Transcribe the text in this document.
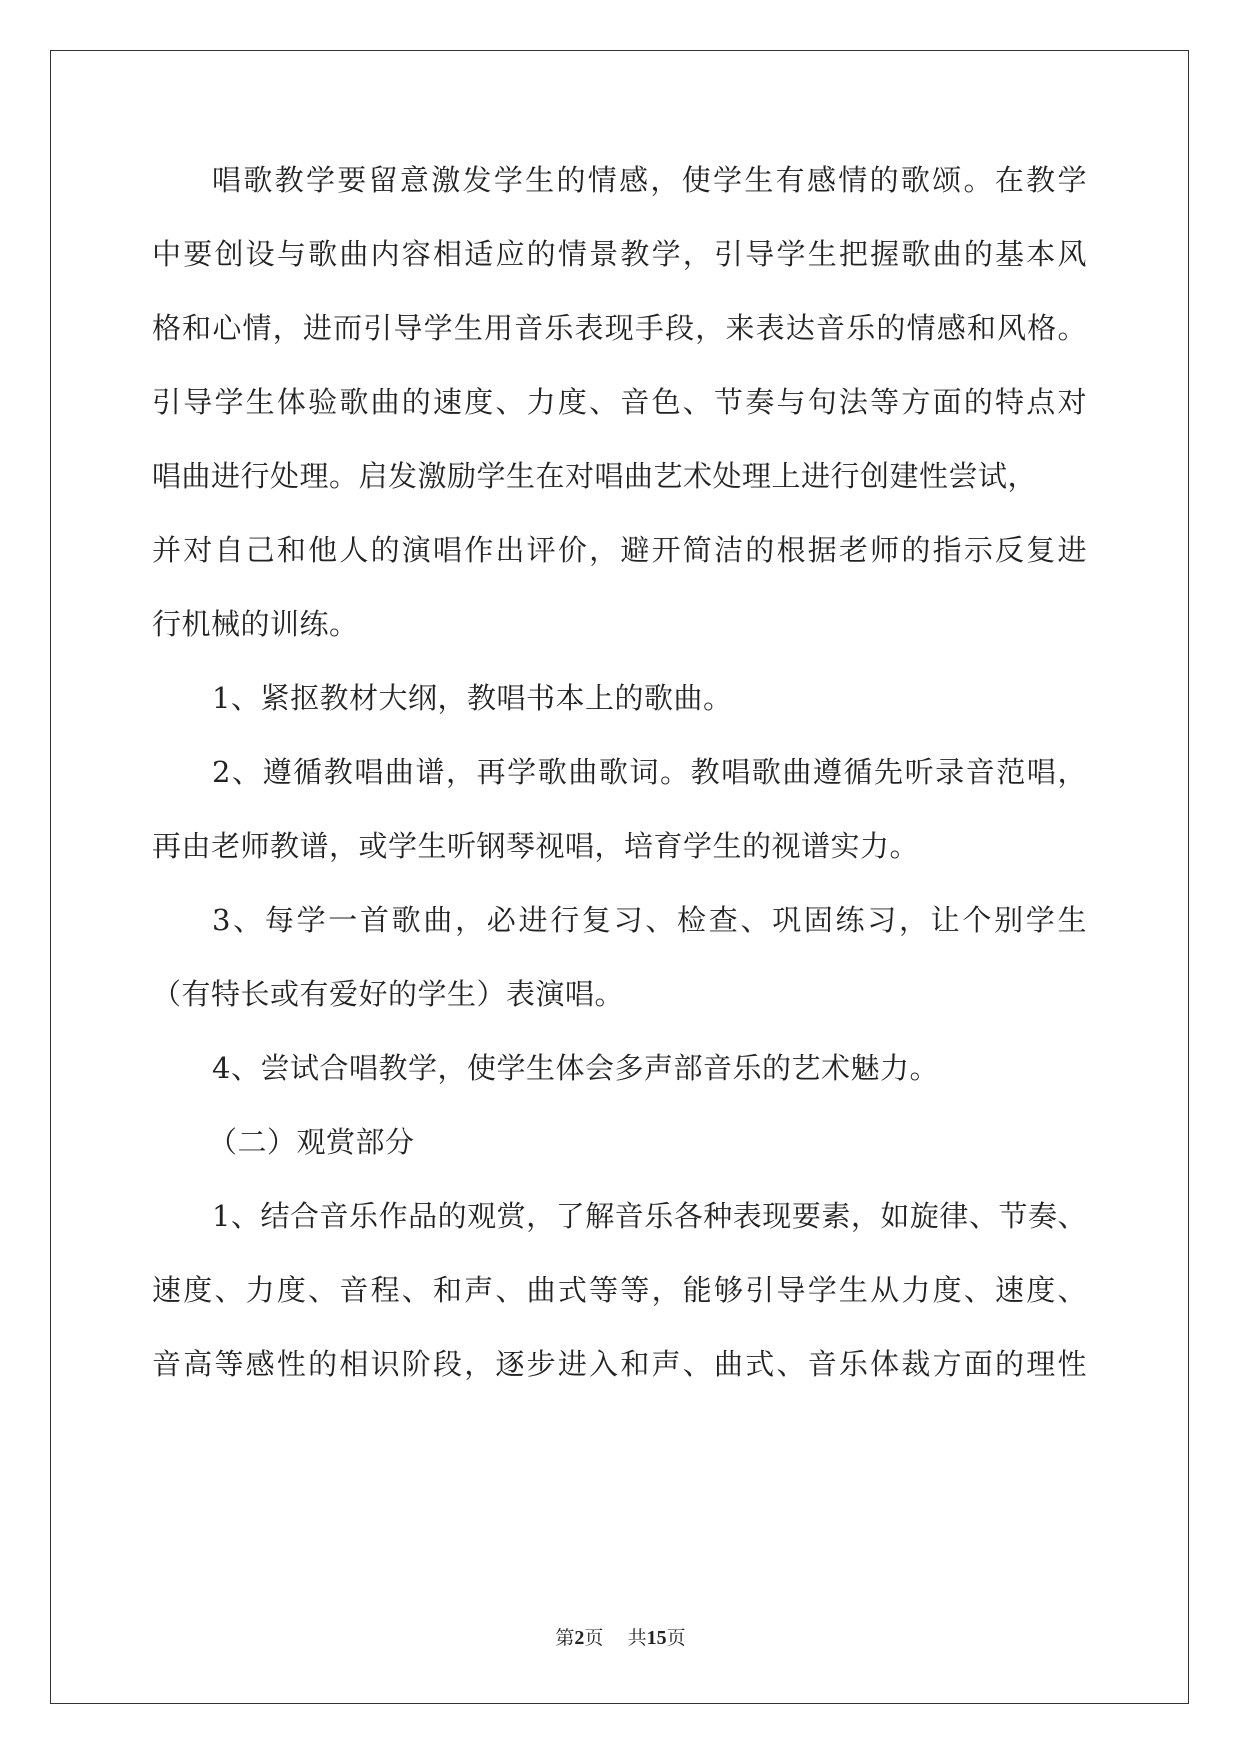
唱歌教学要留意激发学生的情感，使学生有感情的歌颂。在教学
中要创设与歌曲内容相适应的情景教学，引导学生把握歌曲的基本风
格和心情，进而引导学生用音乐表现手段，来表达音乐的情感和风格。
引导学生体验歌曲的速度、力度、音色、节奏与句法等方面的特点对
唱曲进行处理。启发激励学生在对唱曲艺术处理上进行创建性尝试，
并对自己和他人的演唱作出评价，避开简洁的根据老师的指示反复进
行机械的训练。
1、紧抠教材大纲，教唱书本上的歌曲。
2、遵循教唱曲谱，再学歌曲歌词。教唱歌曲遵循先听录音范唱，
再由老师教谱，或学生听钢琴视唱，培育学生的视谱实力。
3、每学一首歌曲，必进行复习、检查、巩固练习，让个别学生
（有特长或有爱好的学生）表演唱。
4、尝试合唱教学，使学生体会多声部音乐的艺术魅力。
（二）观赏部分
1、结合音乐作品的观赏，了解音乐各种表现要素，如旋律、节奏、
速度、力度、音程、和声、曲式等等，能够引导学生从力度、速度、
音高等感性的相识阶段，逐步进入和声、曲式、音乐体裁方面的理性
第2页 共15页
